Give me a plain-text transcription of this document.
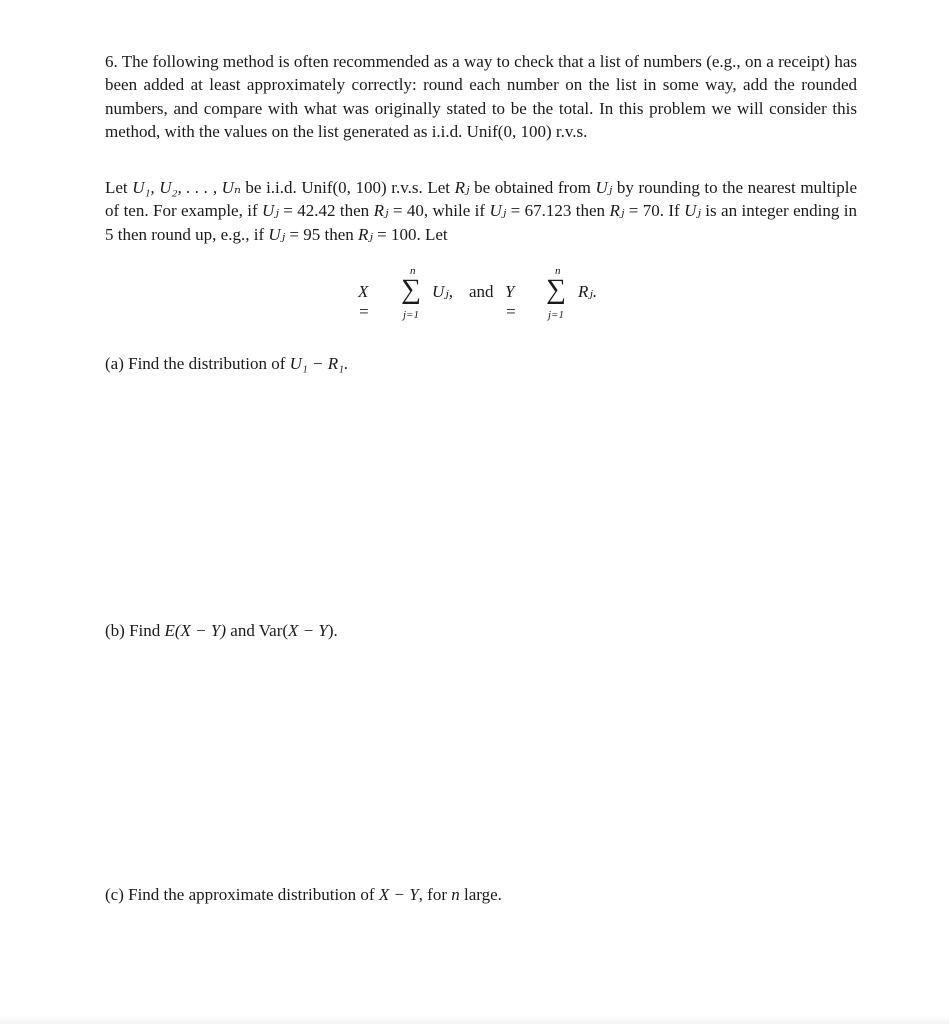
6. The following method is often recommended as a way to check that a list of numbers (e.g., on a receipt) has been added at least approximately correctly: round each number on the list in some way, add the rounded numbers, and compare with what was originally stated to be the total. In this problem we will consider this method, with the values on the list generated as i.i.d. Unif(0, 100) r.v.s.
Let U₁, U₂, . . . , Uₙ be i.i.d. Unif(0, 100) r.v.s. Let Rⱼ be obtained from Uⱼ by rounding to the nearest multiple of ten. For example, if Uⱼ = 42.42 then Rⱼ = 40, while if Uⱼ = 67.123 then Rⱼ = 70. If Uⱼ is an integer ending in 5 then round up, e.g., if Uⱼ = 95 then Rⱼ = 100. Let
X =
n
∑
j=1
Uⱼ, and Y =
n
∑
j=1
Rⱼ.
(a) Find the distribution of U₁ − R₁.
(b) Find E(X − Y) and Var(X − Y).
(c) Find the approximate distribution of X − Y, for n large.
